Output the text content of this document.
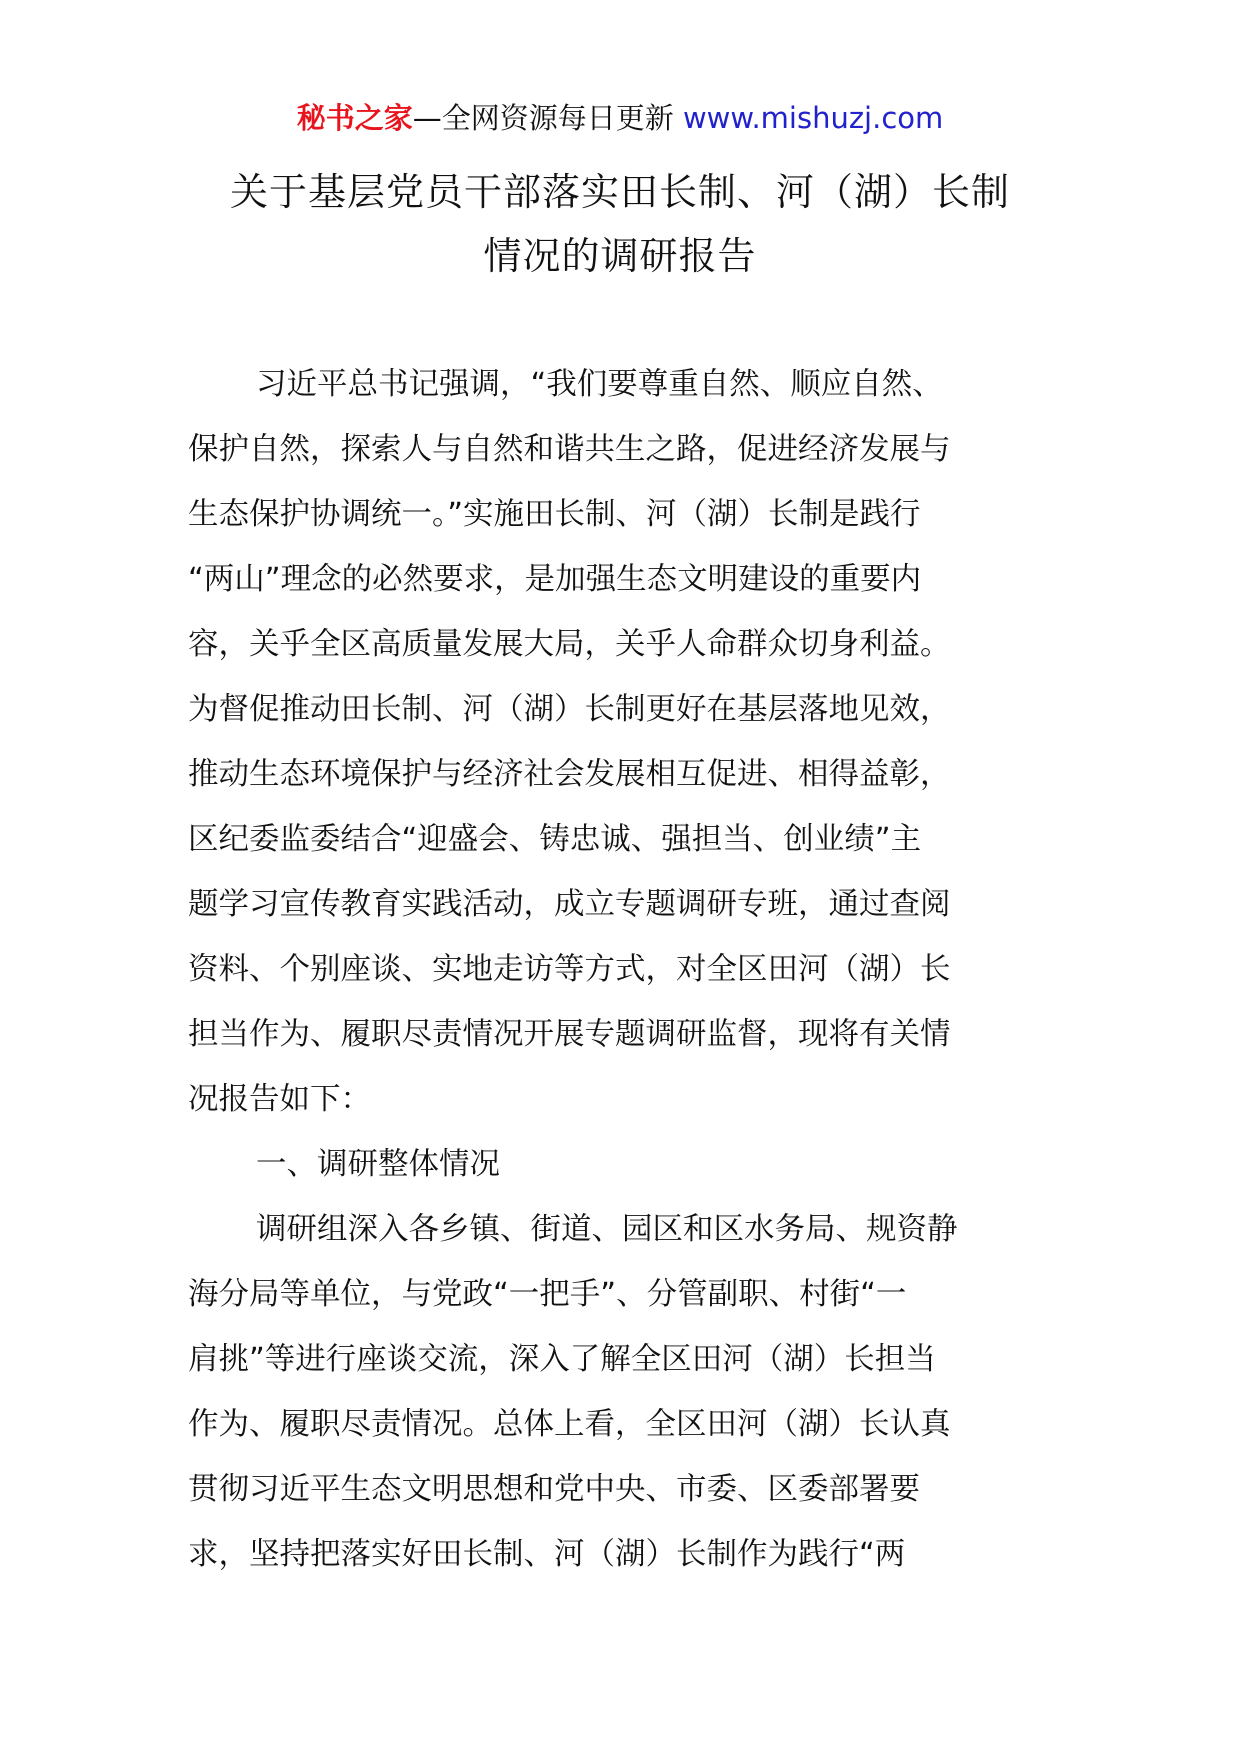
秘书之家—全网资源每日更新 www.mishuzj.com
关于基层党员干部落实田长制、河（湖）长制
情况的调研报告
习近平总书记强调，“我们要尊重自然、顺应自然、
保护自然，探索人与自然和谐共生之路，促进经济发展与
生态保护协调统一。”实施田长制、河（湖）长制是践行
“两山”理念的必然要求，是加强生态文明建设的重要内
容，关乎全区高质量发展大局，关乎人命群众切身利益。
为督促推动田长制、河（湖）长制更好在基层落地见效，
推动生态环境保护与经济社会发展相互促进、相得益彰，
区纪委监委结合“迎盛会、铸忠诚、强担当、创业绩”主
题学习宣传教育实践活动，成立专题调研专班，通过查阅
资料、个别座谈、实地走访等方式，对全区田河（湖）长
担当作为、履职尽责情况开展专题调研监督，现将有关情
况报告如下：
一、调研整体情况
调研组深入各乡镇、街道、园区和区水务局、规资静
海分局等单位，与党政“一把手”、分管副职、村街“一
肩挑”等进行座谈交流，深入了解全区田河（湖）长担当
作为、履职尽责情况。总体上看，全区田河（湖）长认真
贯彻习近平生态文明思想和党中央、市委、区委部署要
求，坚持把落实好田长制、河（湖）长制作为践行“两
